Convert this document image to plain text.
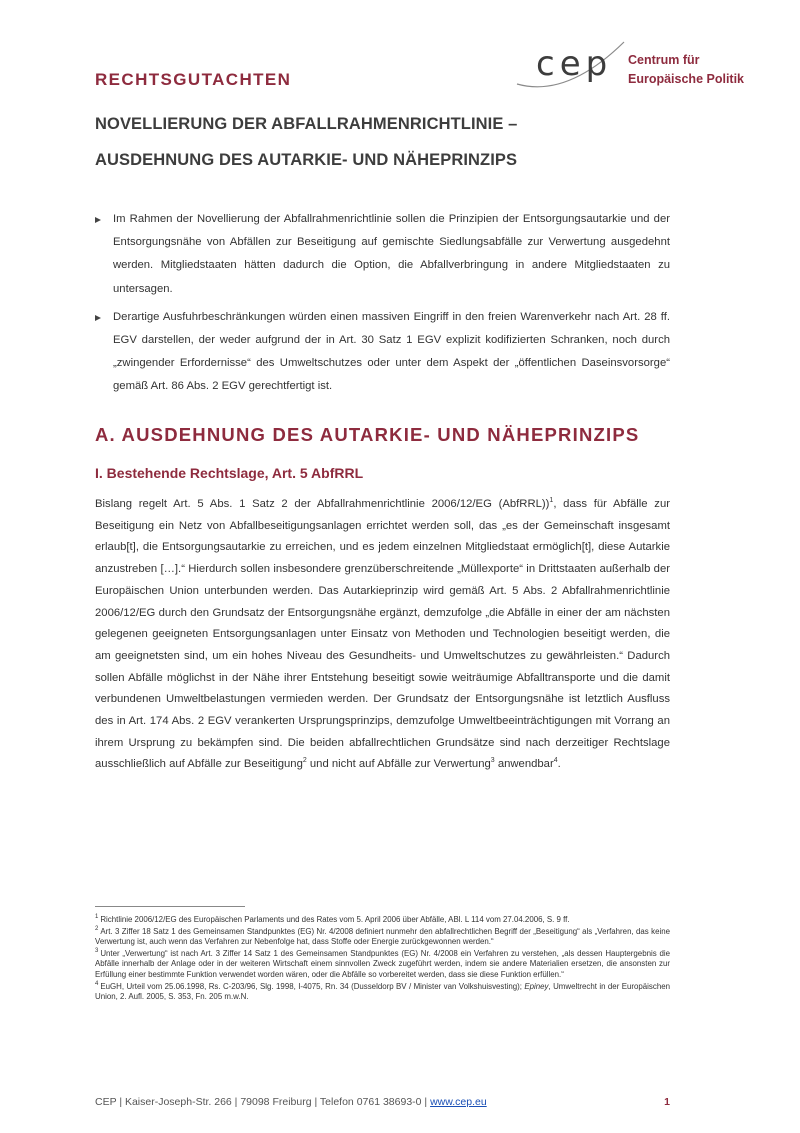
cep Centrum für
Europäische Politik
RECHTSGUTACHTEN
NOVELLIERUNG DER ABFALLRAHMENRICHTLINIE –
AUSDEHNUNG DES AUTARKIE- UND NÄHEPRINZIPS
Im Rahmen der Novellierung der Abfallrahmenrichtlinie sollen die Prinzipien der Entsorgungsautarkie und der Entsorgungsnähe von Abfällen zur Beseitigung auf gemischte Siedlungsabfälle zur Verwertung ausgedehnt werden. Mitgliedstaaten hätten dadurch die Option, die Abfallverbringung in andere Mitgliedstaaten zu untersagen.
Derartige Ausfuhrbeschränkungen würden einen massiven Eingriff in den freien Warenverkehr nach Art. 28 ff. EGV darstellen, der weder aufgrund der in Art. 30 Satz 1 EGV explizit kodifizierten Schranken, noch durch „zwingender Erfordernisse“ des Umweltschutzes oder unter dem Aspekt der „öffentlichen Daseinsvorsorge“ gemäß Art. 86 Abs. 2 EGV gerechtfertigt ist.
A. AUSDEHNUNG DES AUTARKIE- UND NÄHEPRINZIPS
I. Bestehende Rechtslage, Art. 5 AbfRRL

Bislang regelt Art. 5 Abs. 1 Satz 2 der Abfallrahmenrichtlinie 2006/12/EG (AbfRRL))$^1$, dass für Abfälle zur Beseitigung ein Netz von Abfallbeseitigungsanlagen errichtet werden soll, das „es der Gemeinschaft insgesamt erlaub[t], die Entsorgungsautarkie zu erreichen, und es jedem einzelnen Mitgliedstaat ermöglich[t], diese Autarkie anzustreben […].“ Hierdurch sollen insbesondere grenzüberschreitende „Müllexporte“ in Drittstaaten außerhalb der Europäischen Union unterbunden werden. Das Autarkieprinzip wird gemäß Art. 5 Abs. 2 Abfallrahmenrichtlinie 2006/12/EG durch den Grundsatz der Entsorgungsnähe ergänzt, demzufolge „die Abfälle in einer der am nächsten gelegenen geeigneten Entsorgungsanlagen unter Einsatz von Methoden und Technologien beseitigt werden, die am geeignetsten sind, um ein hohes Niveau des Gesundheits- und Umweltschutzes zu gewährleisten.“ Dadurch sollen Abfälle möglichst in der Nähe ihrer Entstehung beseitigt sowie weiträumige Abfalltransporte und die damit verbundenen Umweltbelastungen vermieden werden. Der Grundsatz der Entsorgungsnähe ist letztlich Ausfluss des in Art. 174 Abs. 2 EGV verankerten Ursprungsprinzips, demzufolge Umweltbeeinträchtigungen mit Vorrang an ihrem Ursprung zu bekämpfen sind. Die beiden abfallrechtlichen Grundsätze sind nach derzeitiger Rechtslage ausschließlich auf Abfälle zur Beseitigung$^2$ und nicht auf Abfälle zur Verwertung$^3$ anwendbar$^4$.

$^1$ Richtlinie 2006/12/EG des Europäischen Parlaments und des Rates vom 5. April 2006 über Abfälle, ABl. L 114 vom 27.04.2006, S. 9 ff.
$^2$ Art. 3 Ziffer 18 Satz 1 des Gemeinsamen Standpunktes (EG) Nr. 4/2008 definiert nunmehr den abfallrechtlichen Begriff der „Beseitigung“ als „Verfahren, das keine Verwertung ist, auch wenn das Verfahren zur Nebenfolge hat, dass Stoffe oder Energie zurückgewonnen werden.“
$^3$ Unter „Verwertung“ ist nach Art. 3 Ziffer 14 Satz 1 des Gemeinsamen Standpunktes (EG) Nr. 4/2008 ein Verfahren zu verstehen, „als dessen Hauptergebnis die Abfälle innerhalb der Anlage oder in der weiteren Wirtschaft einem sinnvollen Zweck zugeführt werden, indem sie andere Materialien ersetzen, die ansonsten zur Erfüllung einer bestimmte Funktion verwendet worden wären, oder die Abfälle so vorbereitet werden, dass sie diese Funktion erfüllen.“
$^4$ EuGH, Urteil vom 25.06.1998, Rs. C-203/96, Slg. 1998, I-4075, Rn. 34 (Dusseldorp BV / Minister van Volkshuisvesting); Epiney, Umweltrecht in der Europäischen Union, 2. Aufl. 2005, S. 353, Fn. 205 m.w.N.
CEP | Kaiser-Joseph-Str. 266 | 79098 Freiburg | Telefon 0761 38693-0 | www.cep.eu	1
